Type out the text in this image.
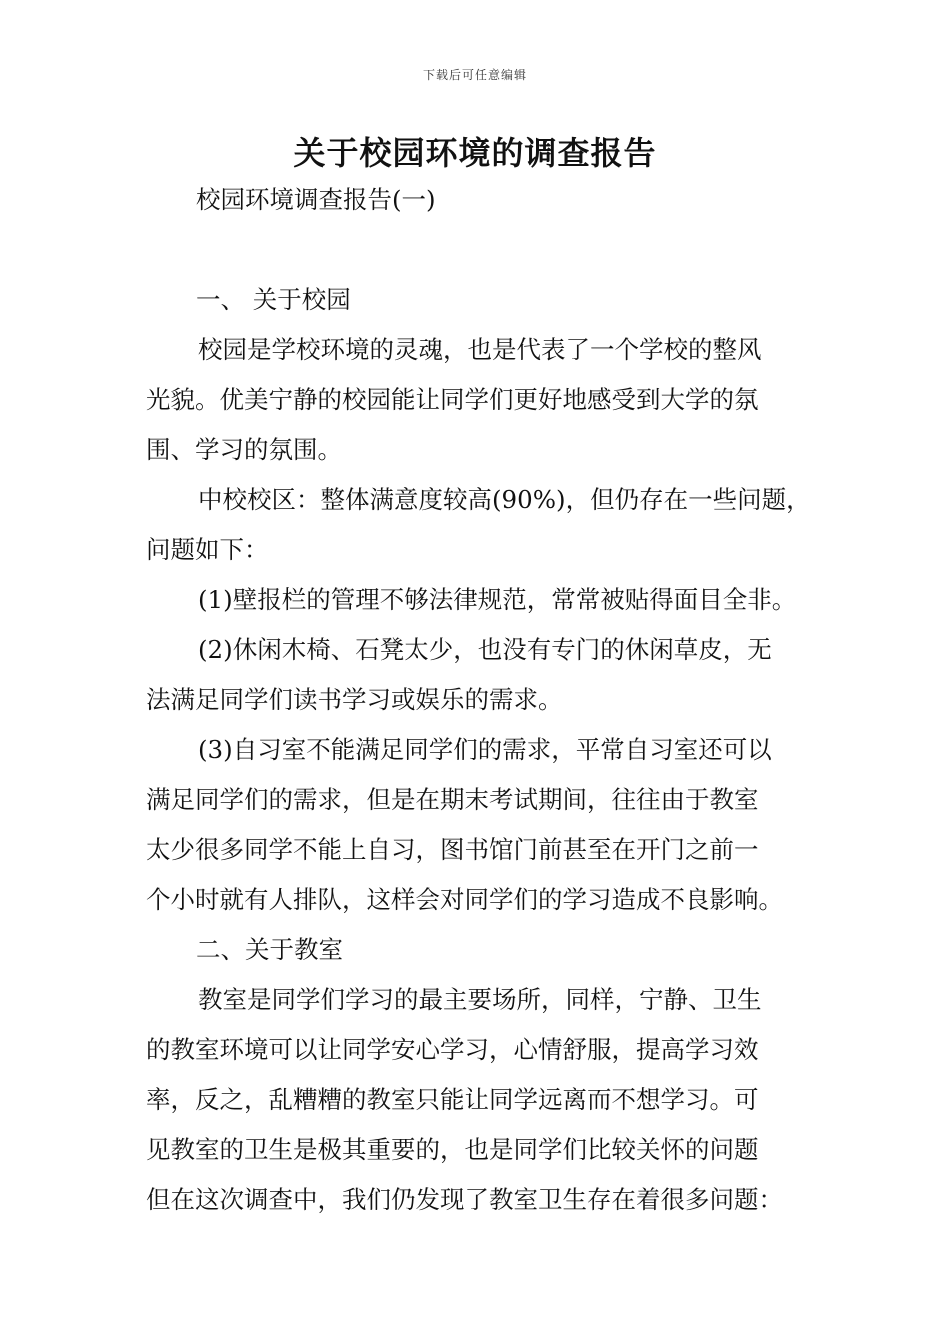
下载后可任意编辑
关于校园环境的调查报告
校园环境调查报告(一)
一、 关于校园
校园是学校环境的灵魂，也是代表了一个学校的整风
光貌。优美宁静的校园能让同学们更好地感受到大学的氛
围、学习的氛围。
中校校区：整体满意度较高(90%)，但仍存在一些问题，
问题如下：
(1)壁报栏的管理不够法律规范，常常被贴得面目全非。
(2)休闲木椅、石凳太少，也没有专门的休闲草皮，无
法满足同学们读书学习或娱乐的需求。
(3)自习室不能满足同学们的需求，平常自习室还可以
满足同学们的需求，但是在期末考试期间，往往由于教室
太少很多同学不能上自习，图书馆门前甚至在开门之前一
个小时就有人排队，这样会对同学们的学习造成不良影响。
二、关于教室
教室是同学们学习的最主要场所，同样，宁静、卫生
的教室环境可以让同学安心学习，心情舒服，提高学习效
率，反之，乱糟糟的教室只能让同学远离而不想学习。可
见教室的卫生是极其重要的，也是同学们比较关怀的问题
但在这次调查中，我们仍发现了教室卫生存在着很多问题：
